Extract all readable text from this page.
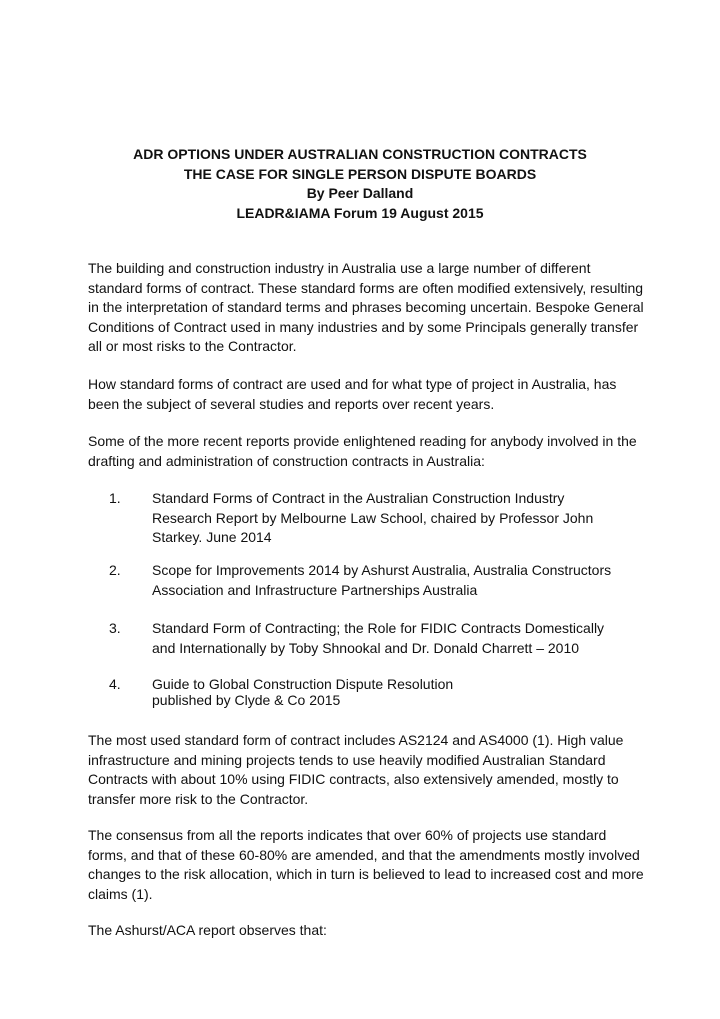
ADR OPTIONS UNDER AUSTRALIAN CONSTRUCTION CONTRACTS
THE CASE FOR SINGLE PERSON DISPUTE BOARDS
By Peer Dalland
LEADR&IAMA Forum 19 August 2015

The building and construction industry in Australia use a large number of different standard forms of contract. These standard forms are often modified extensively, resulting in the interpretation of standard terms and phrases becoming uncertain. Bespoke General Conditions of Contract used in many industries and by some Principals generally transfer all or most risks to the Contractor.

How standard forms of contract are used and for what type of project in Australia, has been the subject of several studies and reports over recent years.

Some of the more recent reports provide enlightened reading for anybody involved in the drafting and administration of construction contracts in Australia:

1. Standard Forms of Contract in the Australian Construction Industry
Research Report by Melbourne Law School, chaired by Professor John
Starkey. June 2014
2. Scope for Improvements 2014 by Ashurst Australia, Australia Constructors
Association and Infrastructure Partnerships Australia
3. Standard Form of Contracting; the Role for FIDIC Contracts Domestically
and Internationally by Toby Shnookal and Dr. Donald Charrett – 2010
4. Guide to Global Construction Dispute Resolution
published by Clyde & Co 2015

The most used standard form of contract includes AS2124 and AS4000 (1). High value infrastructure and mining projects tends to use heavily modified Australian Standard Contracts with about 10% using FIDIC contracts, also extensively amended, mostly to transfer more risk to the Contractor.

The consensus from all the reports indicates that over 60% of projects use standard forms, and that of these 60-80% are amended, and that the amendments mostly involved changes to the risk allocation, which in turn is believed to lead to increased cost and more claims (1).

The Ashurst/ACA report observes that:
